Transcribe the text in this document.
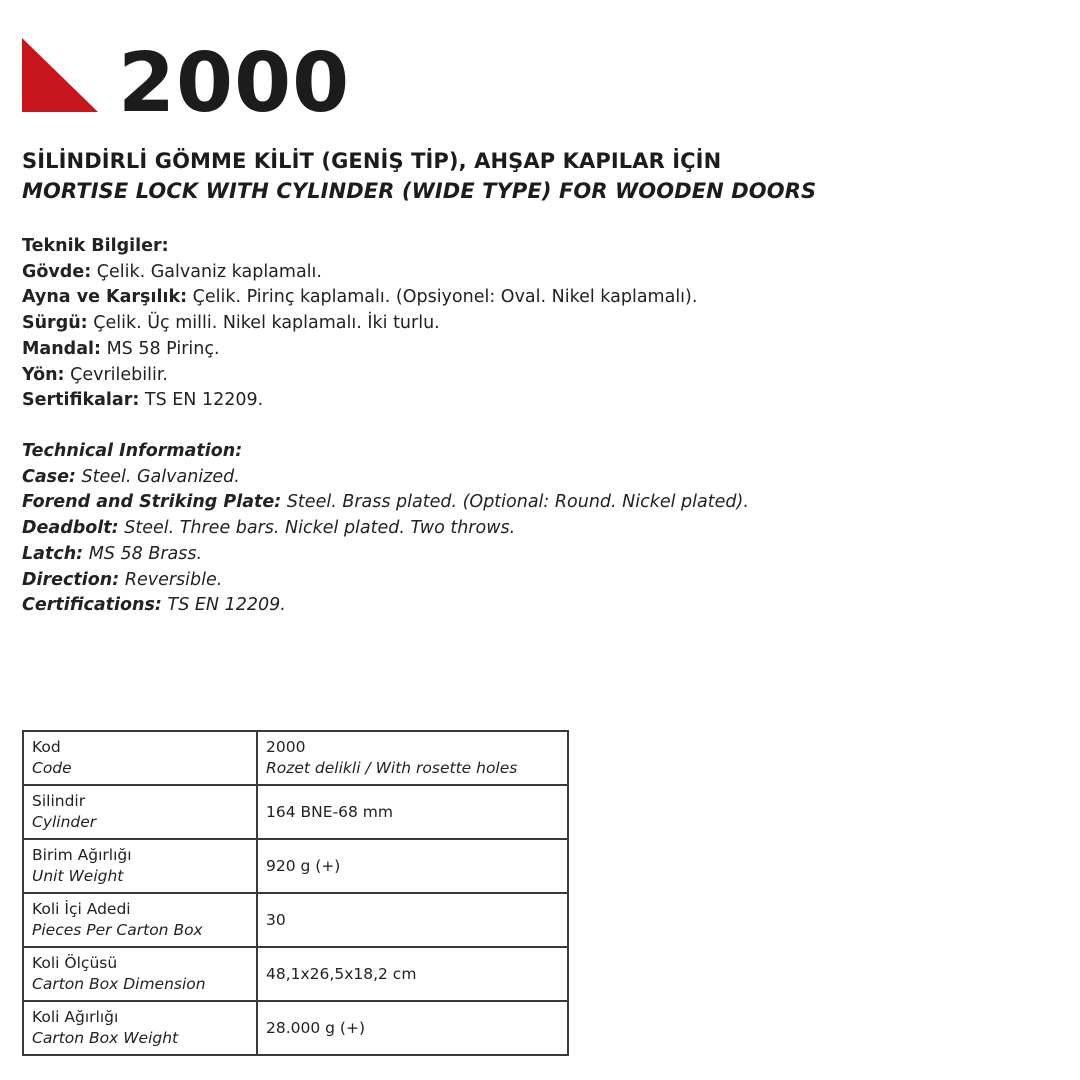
2000
SİLİNDİRLİ GÖMME KİLİT (GENİŞ TİP), AHŞAP KAPILAR İÇİN
MORTISE LOCK WITH CYLINDER (WIDE TYPE) FOR WOODEN DOORS
Teknik Bilgiler:
Gövde: Çelik. Galvaniz kaplamalı.
Ayna ve Karşılık: Çelik. Pirinç kaplamalı. (Opsiyonel: Oval. Nikel kaplamalı).
Sürgü: Çelik. Üç milli. Nikel kaplamalı. İki turlu.
Mandal: MS 58 Pirinç.
Yön: Çevrilebilir.
Sertifikalar: TS EN 12209.
Technical Information:
Case: Steel. Galvanized.
Forend and Striking Plate: Steel. Brass plated. (Optional: Round. Nickel plated).
Deadbolt: Steel. Three bars. Nickel plated. Two throws.
Latch: MS 58 Brass.
Direction: Reversible.
Certifications: TS EN 12209.
Kod
Code	2000
Rozet delikli / With rosette holes

Silindir
Cylinder	164 BNE-68 mm

Birim Ağırlığı
Unit Weight	920 g (+)

Koli İçi Adedi
Pieces Per Carton Box	30

Koli Ölçüsü
Carton Box Dimension	48,1x26,5x18,2 cm

Koli Ağırlığı
Carton Box Weight	28.000 g (+)
